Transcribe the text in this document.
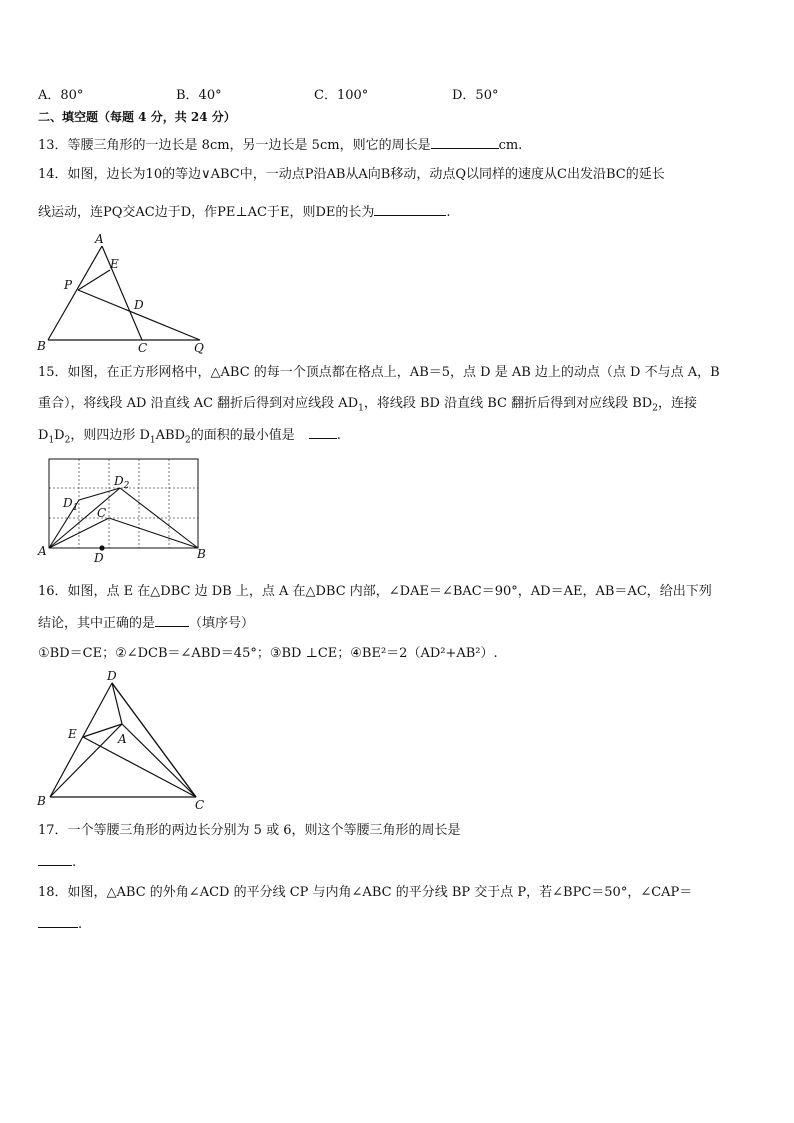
A．80°	B．40°	C．100°	D．50°
二、填空题（每题 4 分，共 24 分）
13．等腰三角形的一边长是 8cm，另一边长是 5cm，则它的周长是	cm.
14．如图，边长为10的等边∨ABC中，一动点P沿AB从A向B移动，动点Q以同样的速度从C出发沿BC的延长
线运动，连PQ交AC边于D，作PE⊥AC于E，则DE的长为	.
A
E
P
D
B	C	Q
15．如图，在正方形网格中，△ABC 的每一个顶点都在格点上，AB＝5，点 D 是 AB 边上的动点（点 D 不与点 A，B
重合），将线段 AD 沿直线 AC 翻折后得到对应线段 $AD_1$，将线段 BD 沿直线 BC 翻折后得到对应线段 $BD_2$，连接
$D_1D_2$，则四边形 $D_1ABD_2$的面积的最小值是	.
$D_2$
$D_1$ C
A	D	B
16．如图，点 E 在△DBC 边 DB 上，点 A 在△DBC 内部，∠DAE＝∠BAC＝90°，AD＝AE，AB＝AC，给出下列
结论，其中正确的是	（填序号）
①BD＝CE；②∠DCB＝∠ABD＝45°；③BD ⊥CE；④BE²＝2（AD²+AB²）.
D
E	A
B	C
17．一个等腰三角形的两边长分别为 5 或 6，则这个等腰三角形的周长是
.
18．如图，△ABC 的外角∠ACD 的平分线 CP 与内角∠ABC 的平分线 BP 交于点 P，若∠BPC＝50°，∠CAP＝
.
